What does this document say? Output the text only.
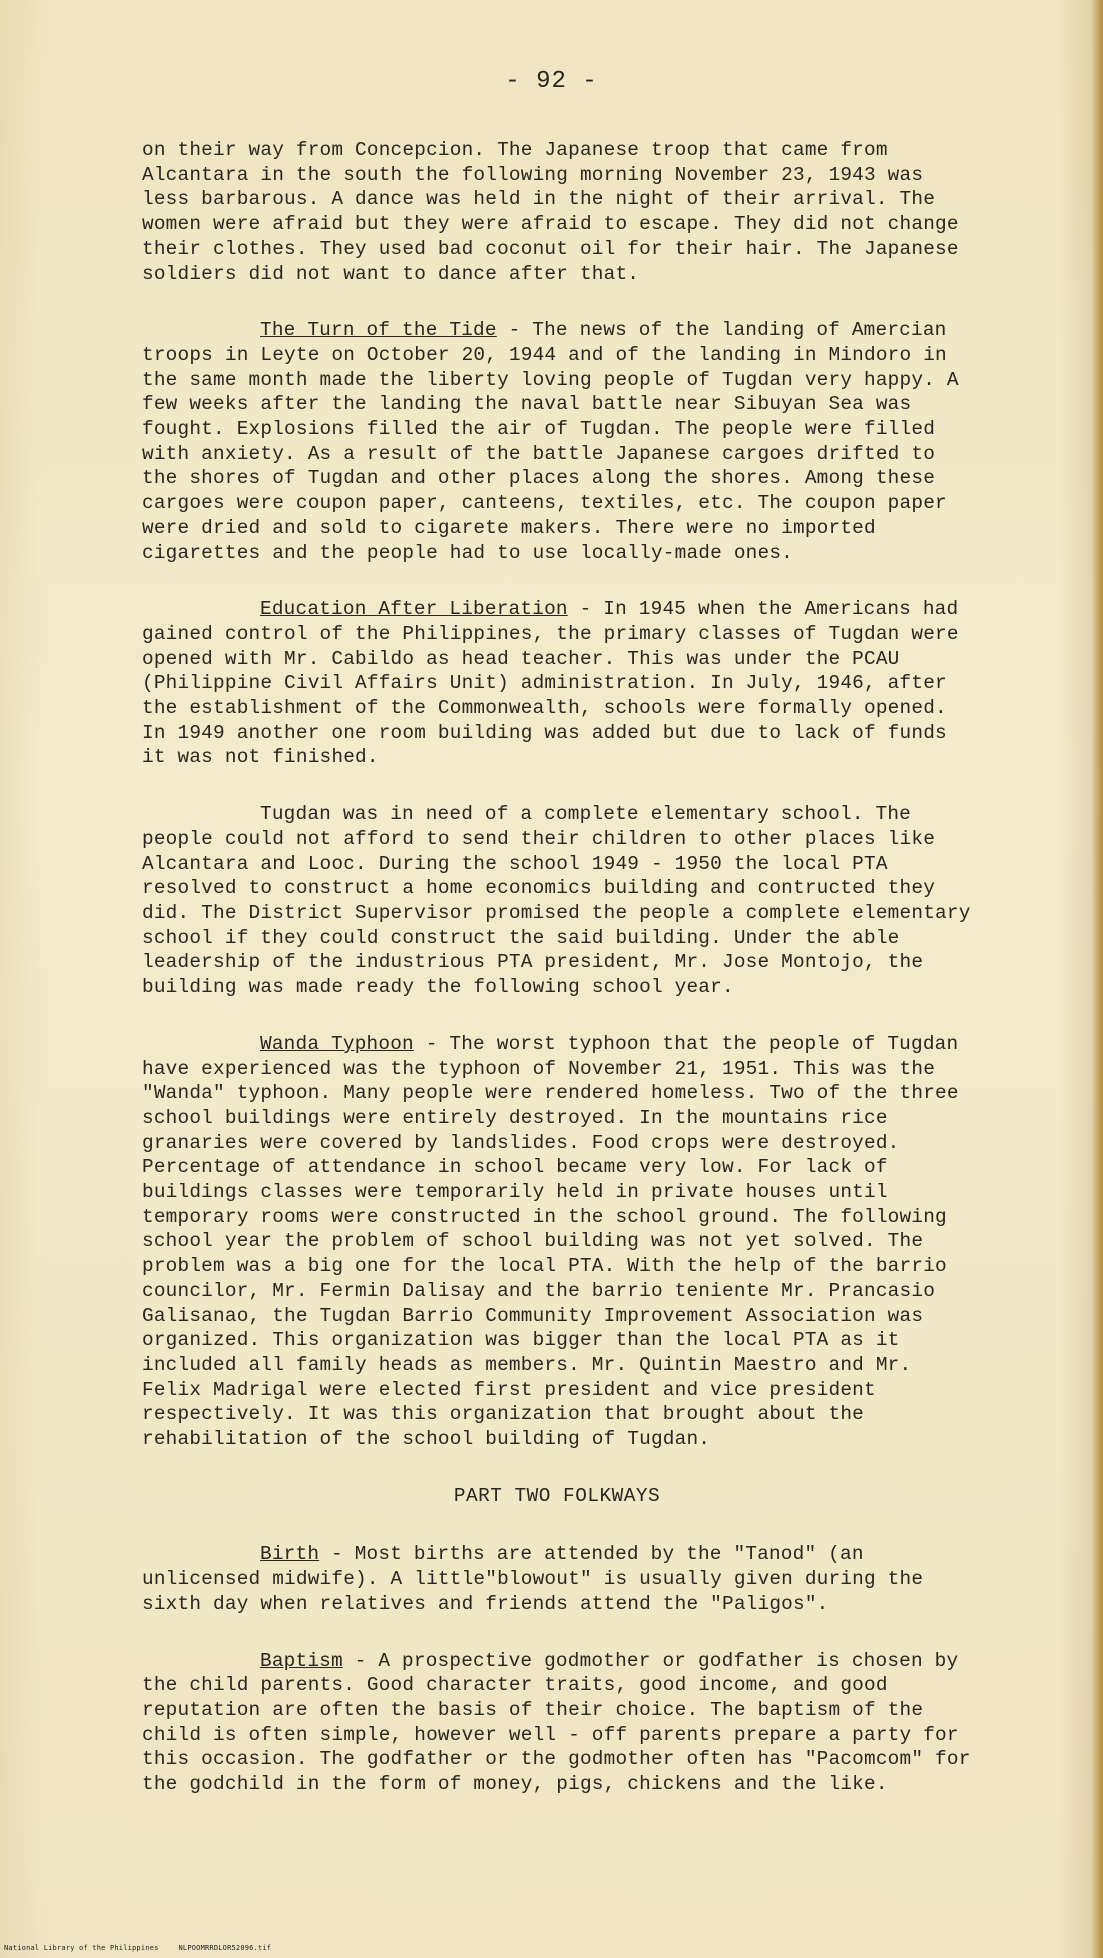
- 92 -

on their way from Concepcion. The Japanese troop that came from Alcantara in the south the following morning November 23, 1943 was less barbarous. A dance was held in the night of their arrival. The women were afraid but they were afraid to escape. They did not change their clothes. They used bad coconut oil for their hair. The Japanese soldiers did not want to dance after that.

The Turn of the Tide - The news of the landing of Amercian troops in Leyte on October 20, 1944 and of the landing in Mindoro in the same month made the liberty loving people of Tugdan very happy. A few weeks after the landing the naval battle near Sibuyan Sea was fought. Explosions filled the air of Tugdan. The people were filled with anxiety. As a result of the battle Japanese cargoes drifted to the shores of Tugdan and other places along the shores. Among these cargoes were coupon paper, canteens, textiles, etc. The coupon paper were dried and sold to cigarete makers. There were no imported cigarettes and the people had to use locally-made ones.

Education After Liberation - In 1945 when the Americans had gained control of the Philippines, the primary classes of Tugdan were opened with Mr. Cabildo as head teacher. This was under the PCAU (Philippine Civil Affairs Unit) administration. In July, 1946, after the establishment of the Commonwealth, schools were formally opened. In 1949 another one room building was added but due to lack of funds it was not finished.

Tugdan was in need of a complete elementary school. The people could not afford to send their children to other places like Alcantara and Looc. During the school 1949 - 1950 the local PTA resolved to construct a home economics building and contructed they did. The District Supervisor promised the people a complete elementary school if they could construct the said building. Under the able leadership of the industrious PTA president, Mr. Jose Montojo, the building was made ready the following school year.

Wanda Typhoon - The worst typhoon that the people of Tugdan have experienced was the typhoon of November 21, 1951. This was the "Wanda" typhoon. Many people were rendered homeless. Two of the three school buildings were entirely destroyed. In the mountains rice granaries were covered by landslides. Food crops were destroyed. Percentage of attendance in school became very low. For lack of buildings classes were temporarily held in private houses until temporary rooms were constructed in the school ground. The following school year the problem of school building was not yet solved. The problem was a big one for the local PTA. With the help of the barrio councilor, Mr. Fermin Dalisay and the barrio teniente Mr. Prancasio Galisanao, the Tugdan Barrio Community Improvement Association was organized. This organization was bigger than the local PTA as it included all family heads as members. Mr. Quintin Maestro and Mr. Felix Madrigal were elected first president and vice president respectively. It was this organization that brought about the rehabilitation of the school building of Tugdan.

PART TWO FOLKWAYS

Birth - Most births are attended by the "Tanod" (an unlicensed midwife). A little"blowout" is usually given during the sixth day when relatives and friends attend the "Paligos".

Baptism - A prospective godmother or godfather is chosen by the child parents. Good character traits, good income, and good reputation are often the basis of their choice. The baptism of the child is often simple, however well - off parents prepare a party for this occasion. The godfather or the godmother often has "Pacomcom" for the godchild in the form of money, pigs, chickens and the like.

National Library of the Philippines	NLPOOMRRDLOR52096.tif
